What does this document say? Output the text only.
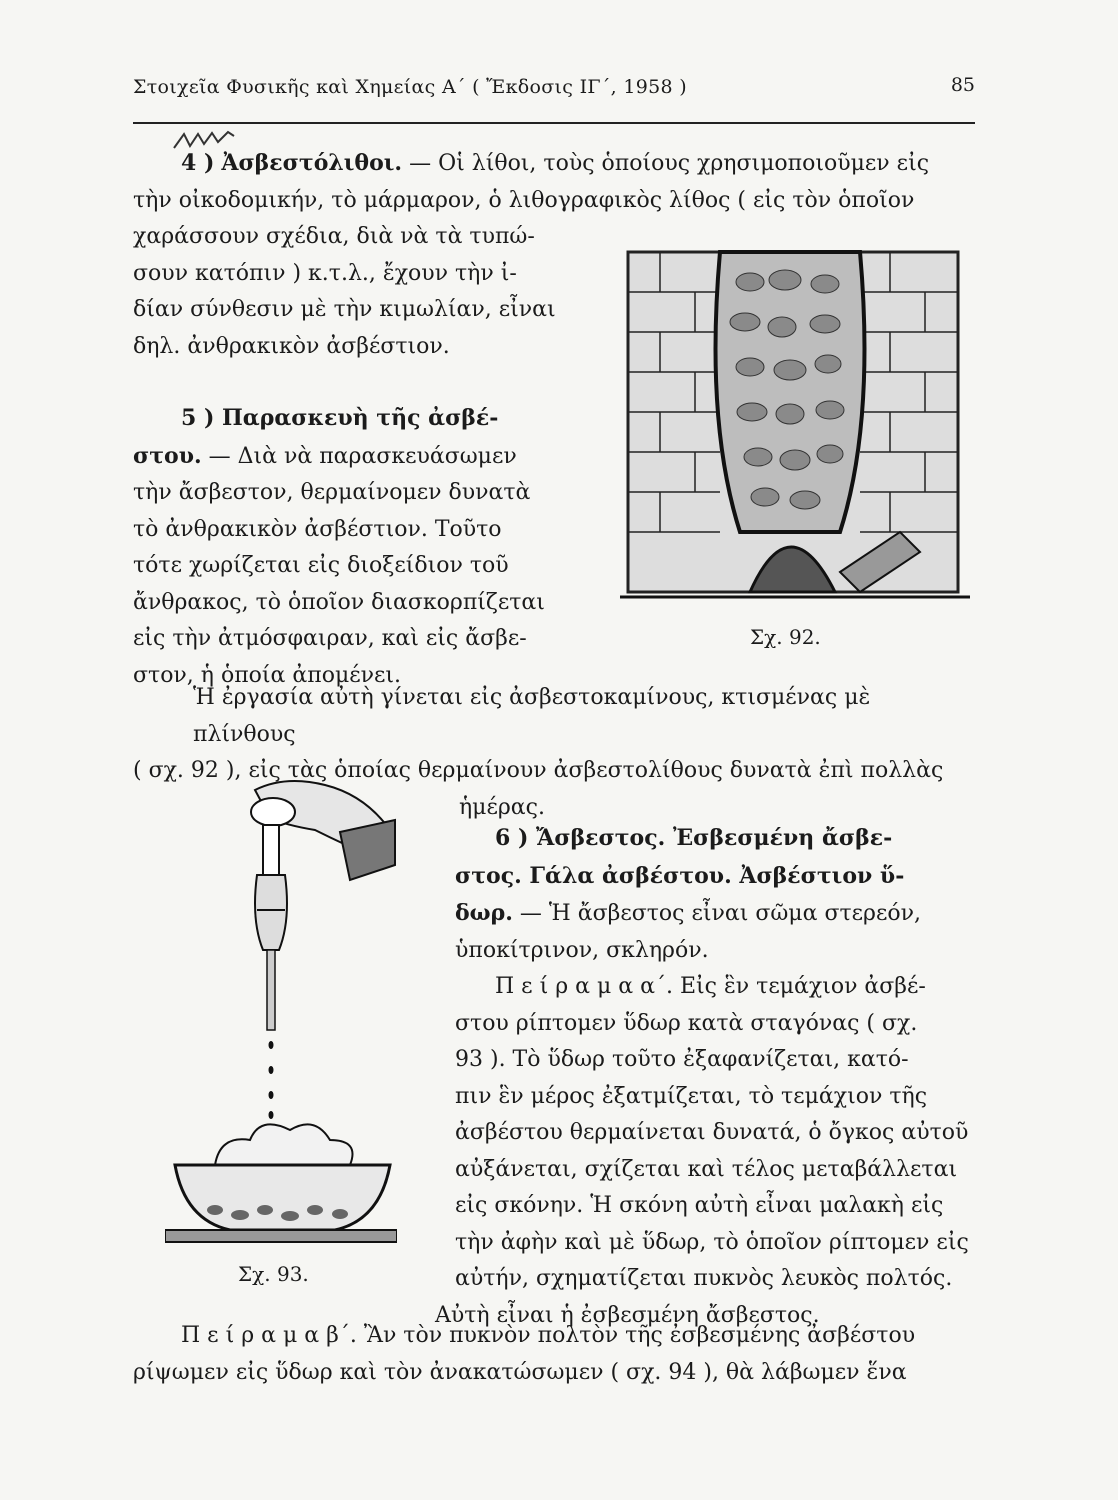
Στοιχεῖα Φυσικῆς καὶ Χημείας Α΄ ( Ἔκδοσις ΙΓ΄, 1958 )	85

4 ) Ἀσβεστόλιθοι. — Οἱ λίθοι, τοὺς ὁποίους χρησιμοποιοῦμεν εἰς

τὴν οἰκοδομικήν, τὸ μάρμαρον, ὁ λιθογραφικὸς λίθος ( εἰς τὸν ὁποῖον

χαράσσουν σχέδια, διὰ νὰ τὰ τυπώ-

σουν κατόπιν ) κ.τ.λ., ἔχουν τὴν ἰ-

δίαν σύνθεσιν μὲ τὴν κιμωλίαν, εἶναι

δηλ. ἀνθρακικὸν ἀσβέστιον.

5 ) Παρασκευὴ τῆς ἀσβέ-

στου. — Διὰ νὰ παρασκευάσωμεν

τὴν ἄσβεστον, θερμαίνομεν δυνατὰ

τὸ ἀνθρακικὸν ἀσβέστιον. Τοῦτο

τότε χωρίζεται εἰς διοξείδιον τοῦ

ἄνθρακος, τὸ ὁποῖον διασκορπίζεται

εἰς τὴν ἀτμόσφαιραν, καὶ εἰς ἄσβε-

στον, ἡ ὁποία ἀπομένει.

Ἡ ἐργασία αὐτὴ γίνεται εἰς ἀσβεστοκαμίνους, κτισμένας μὲ πλίνθους

( σχ. 92 ), εἰς τὰς ὁποίας θερμαίνουν ἀσβεστολίθους δυνατὰ ἐπὶ πολλὰς

ἡμέρας.

Σχ. 92.
Σχ. 93.

6 ) Ἄσβεστος. Ἐσβεσμένη ἄσβε-

στος. Γάλα ἀσβέστου. Ἀσβέστιον ὕ-

δωρ. — Ἡ ἄσβεστος εἶναι σῶμα στερεόν,

ὑποκίτρινον, σκληρόν.

Π ε ί ρ α μ α α΄. Εἰς ἓν τεμάχιον ἀσβέ-

στου ρίπτομεν ὕδωρ κατὰ σταγόνας ( σχ.

93 ). Τὸ ὕδωρ τοῦτο ἐξαφανίζεται, κατό-

πιν ἓν μέρος ἐξατμίζεται, τὸ τεμάχιον τῆς

ἀσβέστου θερμαίνεται δυνατά, ὁ ὄγκος αὐτοῦ

αὐξάνεται, σχίζεται καὶ τέλος μεταβάλλεται

εἰς σκόνην. Ἡ σκόνη αὐτὴ εἶναι μαλακὴ εἰς

τὴν ἀφὴν καὶ μὲ ὕδωρ, τὸ ὁποῖον ρίπτομεν εἰς

αὐτήν, σχηματίζεται πυκνὸς λευκὸς πολτός.

Αὐτὴ εἶναι ἡ ἐσβεσμένη ἄσβεστος.

Π ε ί ρ α μ α β΄. Ἂν τὸν πυκνὸν πολτὸν τῆς ἐσβεσμένης ἀσβέστου

ρίψωμεν εἰς ὕδωρ καὶ τὸν ἀνακατώσωμεν ( σχ. 94 ), θὰ λάβωμεν ἕνα
